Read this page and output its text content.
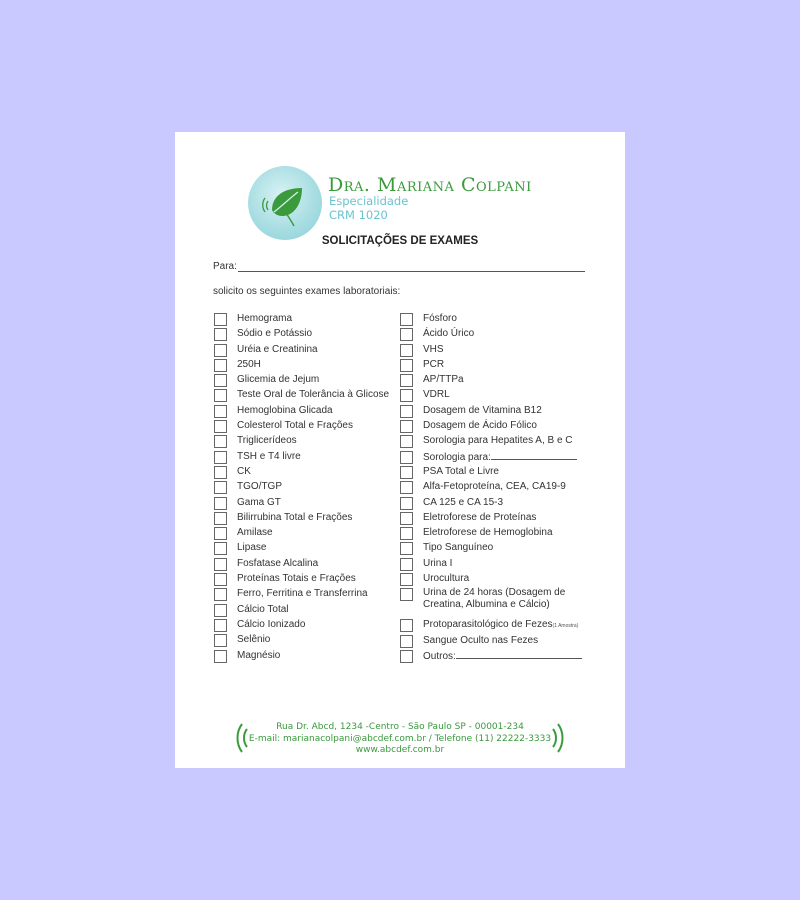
Dra. Mariana Colpani
Especialidade
CRM 1020
SOLICITAÇÕES DE EXAMES
Para:
solicito os seguintes exames laboratoriais:
Hemograma
Sódio e Potássio
Uréia e Creatinina
250H
Glicemia de Jejum
Teste Oral de Tolerância à Glicose
Hemoglobina Glicada
Colesterol Total e Frações
Triglicerídeos
TSH e T4 livre
CK
TGO/TGP
Gama GT
Bilirrubina Total e Frações
Amilase
Lipase
Fosfatase Alcalina
Proteínas Totais e Frações
Ferro, Ferritina e Transferrina
Cálcio Total
Cálcio Ionizado
Selênio
Magnésio
Fósforo
Ácido Úrico
VHS
PCR
AP/TTPa
VDRL
Dosagem de Vitamina B12
Dosagem de Ácido Fólico
Sorologia para Hepatites A, B e C
Sorologia para:
PSA Total e Livre
Alfa-Fetoproteína, CEA, CA19-9
CA 125 e CA 15-3
Eletroforese de Proteínas
Eletroforese de Hemoglobina
Tipo Sanguíneo
Urina I
Urocultura
Urina de 24 horas (Dosagem de Creatina, Albumina e Cálcio)
Protoparasitológico de Fezes(1 Amostra)
Sangue Oculto nas Fezes
Outros:
Rua Dr. Abcd, 1234 -Centro - São Paulo SP - 00001-234
E-mail: marianacolpani@abcdef.com.br / Telefone (11) 22222-3333
www.abcdef.com.br
